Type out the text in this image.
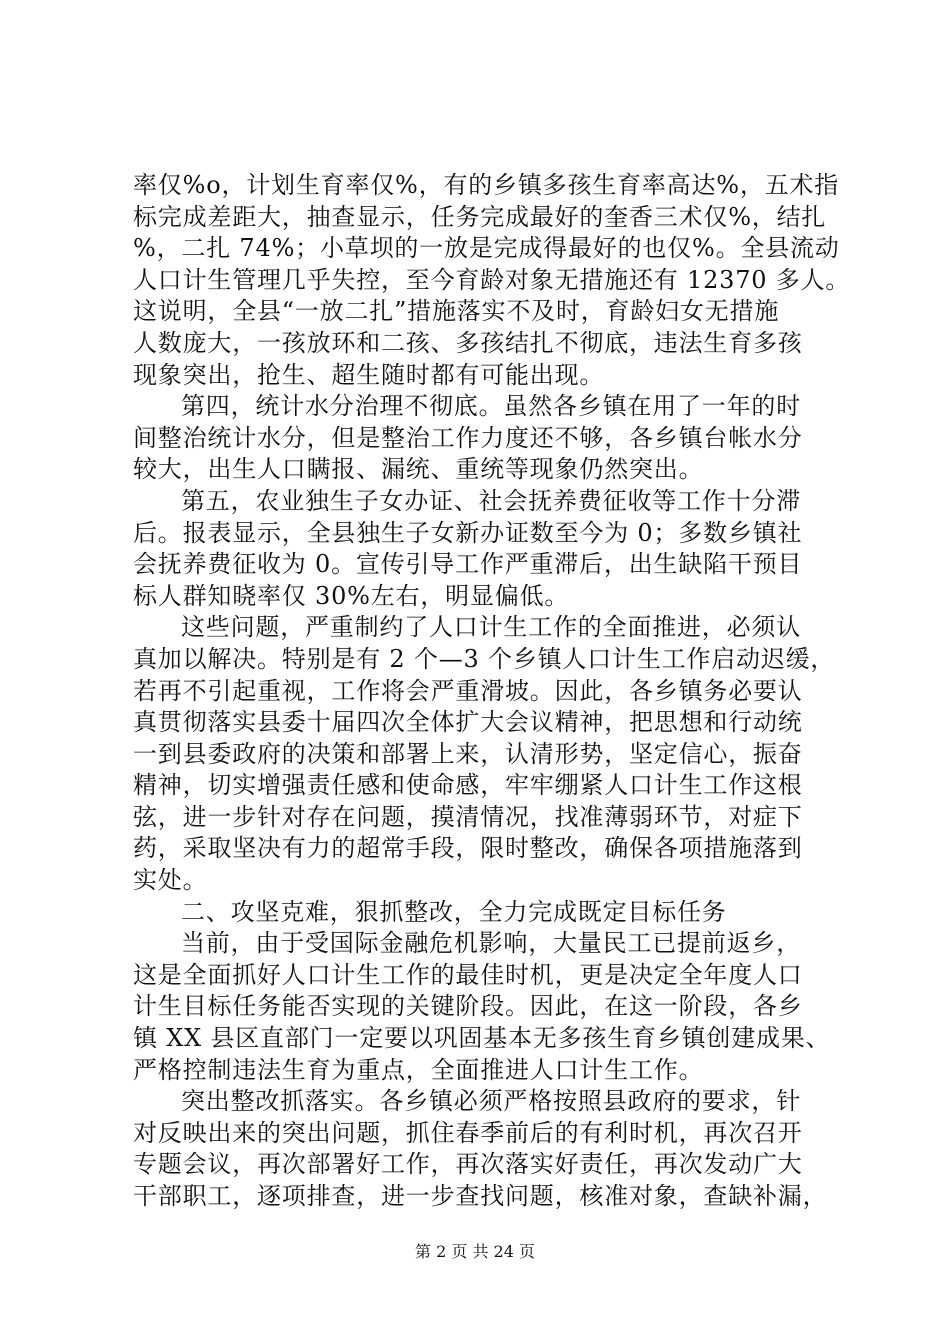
率仅%o，计划生育率仅%，有的乡镇多孩生育率高达%，五术指
标完成差距大，抽查显示，任务完成最好的奎香三术仅%，结扎
%，二扎 74%；小草坝的一放是完成得最好的也仅%。全县流动
人口计生管理几乎失控，至今育龄对象无措施还有 12370 多人。
这说明，全县“一放二扎”措施落实不及时，育龄妇女无措施
人数庞大，一孩放环和二孩、多孩结扎不彻底，违法生育多孩
现象突出，抢生、超生随时都有可能出现。
第四，统计水分治理不彻底。虽然各乡镇在用了一年的时
间整治统计水分，但是整治工作力度还不够，各乡镇台帐水分
较大，出生人口瞒报、漏统、重统等现象仍然突出。
第五，农业独生子女办证、社会抚养费征收等工作十分滞
后。报表显示，全县独生子女新办证数至今为 0；多数乡镇社
会抚养费征收为 0。宣传引导工作严重滞后，出生缺陷干预目
标人群知晓率仅 30%左右，明显偏低。
这些问题，严重制约了人口计生工作的全面推进，必须认
真加以解决。特别是有 2 个—3 个乡镇人口计生工作启动迟缓，
若再不引起重视，工作将会严重滑坡。因此，各乡镇务必要认
真贯彻落实县委十届四次全体扩大会议精神，把思想和行动统
一到县委政府的决策和部署上来，认清形势，坚定信心，振奋
精神，切实增强责任感和使命感，牢牢绷紧人口计生工作这根
弦，进一步针对存在问题，摸清情况，找准薄弱环节，对症下
药，采取坚决有力的超常手段，限时整改，确保各项措施落到
实处。
二、攻坚克难，狠抓整改，全力完成既定目标任务
当前，由于受国际金融危机影响，大量民工已提前返乡，
这是全面抓好人口计生工作的最佳时机，更是决定全年度人口
计生目标任务能否实现的关键阶段。因此，在这一阶段，各乡
镇 XX 县区直部门一定要以巩固基本无多孩生育乡镇创建成果、
严格控制违法生育为重点，全面推进人口计生工作。
突出整改抓落实。各乡镇必须严格按照县政府的要求，针
对反映出来的突出问题，抓住春季前后的有利时机，再次召开
专题会议，再次部署好工作，再次落实好责任，再次发动广大
干部职工，逐项排查，进一步查找问题，核准对象，查缺补漏，
第 2 页 共 24 页
